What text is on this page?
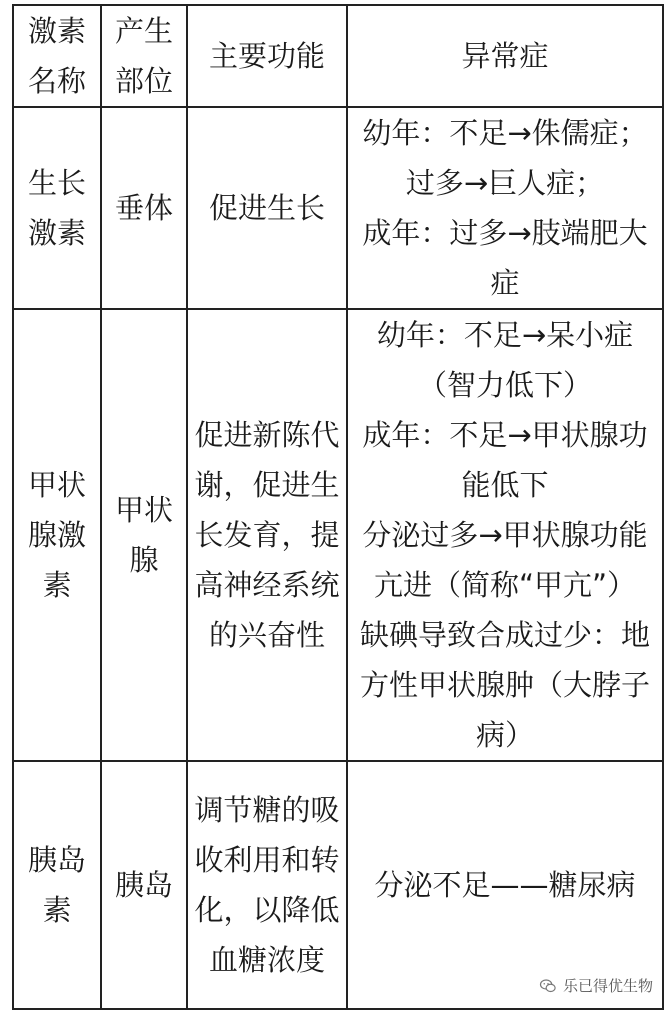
激素名称	产生部位	主要功能	异常症

生长激素	垂体	促进生长	幼年：不足→侏儒症；过多→巨人症；
成年：过多→肢端肥大症

甲状腺激素	甲状腺	促进新陈代谢，促进生长发育，提高神经系统的兴奋性	幼年：不足→呆小症（智力低下）
成年：不足→甲状腺功能低下
分泌过多→甲状腺功能亢进（简称“甲亢”）
缺碘导致合成过少：地方性甲状腺肿（大脖子病）

胰岛素	胰岛	调节糖的吸收利用和转化，以降低血糖浓度	分泌不足——糖尿病
乐已得优生物
